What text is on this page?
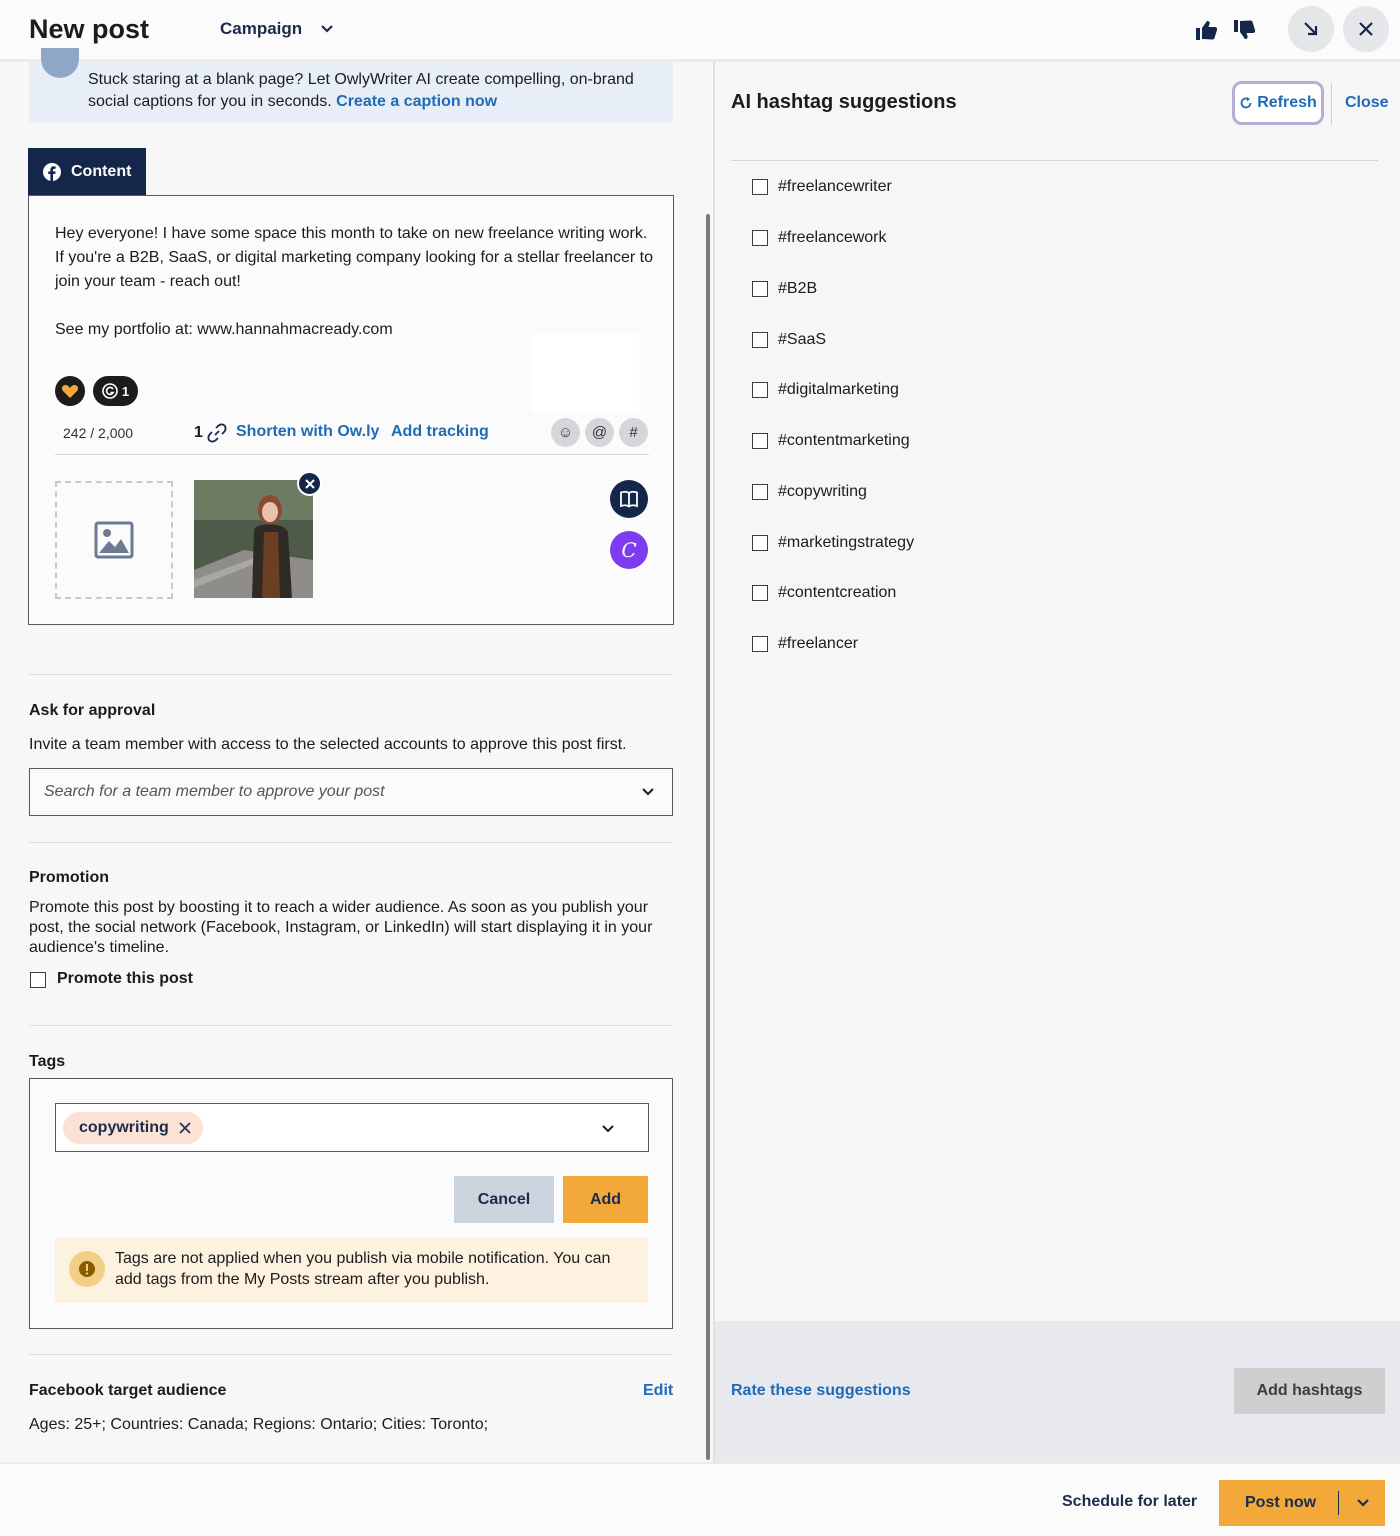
New post	Campaign
Stuck staring at a blank page? Let OwlyWriter AI create compelling, on-brand social captions for you in seconds. Create a caption now
Content
Hey everyone! I have some space this month to take on new freelance writing work. If you're a B2B, SaaS, or digital marketing company looking for a stellar freelancer to join your team - reach out!

See my portfolio at: www.hannahmacready.com
1
242 / 2,000	1 Shorten with Ow.ly Add tracking	☺ @ #
C
Ask for approval
Invite a team member with access to the selected accounts to approve this post first.
Search for a team member to approve your post
Promotion
Promote this post by boosting it to reach a wider audience. As soon as you publish your post, the social network (Facebook, Instagram, or LinkedIn) will start displaying it in your audience's timeline.
Promote this post
Tags
copywriting
Cancel	Add
Tags are not applied when you publish via mobile notification. You can add tags from the My Posts stream after you publish.
Facebook target audience	Edit
Ages: 25+; Countries: Canada; Regions: Ontario; Cities: Toronto;
AI hashtag suggestions	Refresh Close
#freelancewriter
#freelancework
#B2B
#SaaS
#digitalmarketing
#contentmarketing
#copywriting
#marketingstrategy
#contentcreation
#freelancer
Rate these suggestions	Add hashtags
Schedule for later	Post now
